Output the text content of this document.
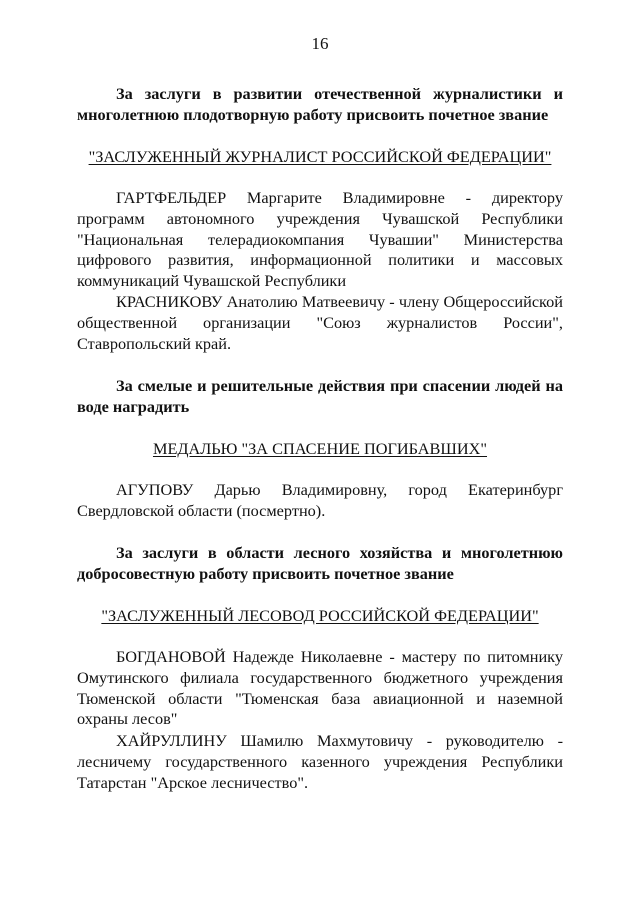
16
За заслуги в развитии отечественной журналистики и многолетнюю плодотворную работу присвоить почетное звание
"ЗАСЛУЖЕННЫЙ ЖУРНАЛИСТ РОССИЙСКОЙ ФЕДЕРАЦИИ"
ГАРТФЕЛЬДЕР Маргарите Владимировне - директору программ автономного учреждения Чувашской Республики "Национальная телерадиокомпания Чувашии" Министерства цифрового развития, информационной политики и массовых коммуникаций Чувашской Республики
КРАСНИКОВУ Анатолию Матвеевичу - члену Общероссийской общественной организации "Союз журналистов России", Ставропольский край.
За смелые и решительные действия при спасении людей на воде наградить
МЕДАЛЬЮ "ЗА СПАСЕНИЕ ПОГИБАВШИХ"
АГУПОВУ Дарью Владимировну, город Екатеринбург Свердловской области (посмертно).
За заслуги в области лесного хозяйства и многолетнюю добросовестную работу присвоить почетное звание
"ЗАСЛУЖЕННЫЙ ЛЕСОВОД РОССИЙСКОЙ ФЕДЕРАЦИИ"
БОГДАНОВОЙ Надежде Николаевне - мастеру по питомнику Омутинского филиала государственного бюджетного учреждения Тюменской области "Тюменская база авиационной и наземной охраны лесов"
ХАЙРУЛЛИНУ Шамилю Махмутовичу - руководителю - лесничему государственного казенного учреждения Республики Татарстан "Арское лесничество".
